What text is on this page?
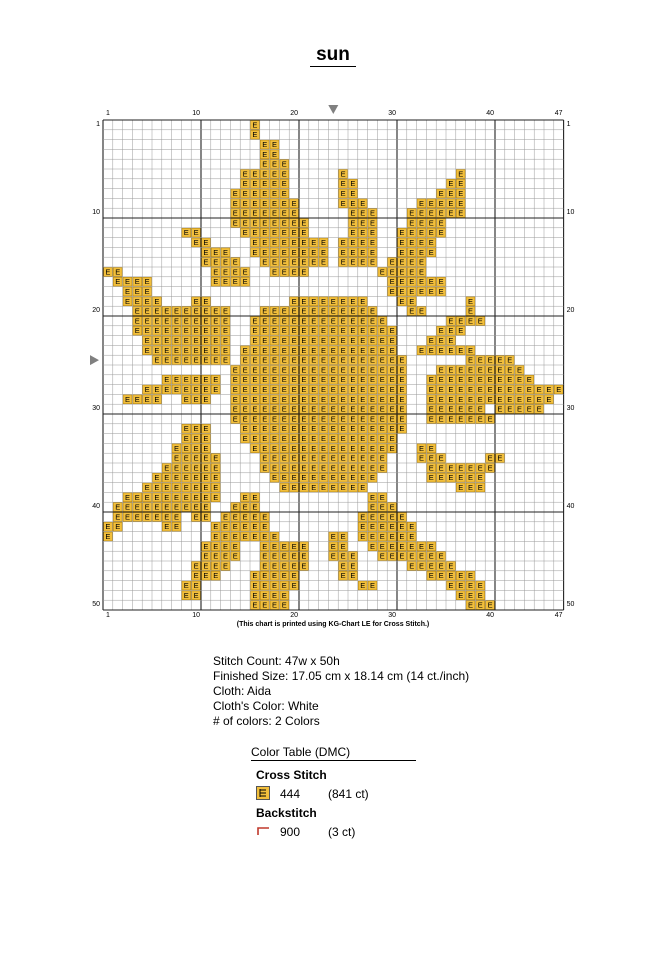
sun
E
E
E E
E E
E E E
E E E E E	E	E
E E E E E	E E	E E
E E E E E E	E E	E E E
E E E E E E E	E E E	E E E E E
E E E E E E E	E E E	E E E E E E
E E E E E E E E	E E E	E E E E
E E	E E E E E E E	E E E	E E E E E
E E	E E E E E E E E E E E E	E E E E
E E E	E E E E E E E E E E E E	E E E E
E E E E	E E E E E E E E E E E E E E E
E E	E E E E	E E E E	E E E E E
E E E E	E E E E	E E E E E E
E E E	E E E E E E
E E E E	E E	E E E E E E E E	E E	E
E E E E E E E E E E	E E E E E E E E E E E E	E E	E
E E E E E E E E E E	E E E E E E E E E E E E E E	E E E E
E E E E E E E E E E	E E E E E E E E E E E E E E E	E E E
E E E E E E E E E	E E E E E E E E E E E E E E E	E E E
E E E E E E E E E E E E E E E E E E E E E E E E E	E E E E E E
E E E E E E E E E E E E E E E E E E E E E E E E E	E E E E E
E E E E E E E E E E E E E E E E E E	E E E E E E E E E
E E E E E E E E E E E E E E E E E E E E E E E E	E E E E E E E E E E E
E E E E E E E E E E E E E E E E E E E E E E E E E E	E E E E E E E E E E E E E E
E E E E	E E E	E E E E E E E E E E E E E E E E E E	E E E E E E E E E E E E E
E E E E E E E E E E E E E E E E E E	E E E E E E E E E E E
E E E E E E E E E E E E E E E E E E	E E E E E E E
E E E	E E E E E E E E E E E E E E E E E
E E E	E E E E E E E E E E E E E E E E
E E E E	E E E E E E E E E E E E E E E	E E
E E E E E	E E E E E E E E E E E E E	E E E	E E
E E E E E E	E E E E E E E E E E E E E	E E E E E E E
E E E E E E E	E E E E E E E E E E E	E E E E E E
E E E E E E E E	E E E E E E E E E	E E E
E E E E E E E E E E	E E	E E
E E E E E E E E E E	E E E	E E E
E E E E E E E E E E E E E E	E E E E E
E E	E E	E E E E E E	E E E E E E
E	E E E E E E E	E E E E E E E E
E E E E	E E E E E	E E	E E E E E E E
E E E E	E E E E E	E E E	E E E E E E E
E E E E	E E E E E	E E	E E E E E
E E E	E E E E E	E E	E E E E E
E E	E E E E E	E E	E E E E
E E	E E E E	E E E
E E E E	E E E
1
1
10
10
20
20
30
30
40
40
47
47
1	1
10	10
20	20
30	30
40	40
50	50
(This chart is printed using KG-Chart LE for Cross Stitch.)
Stitch Count: 47w x 50h
Finished Size: 17.05 cm x 18.14 cm (14 ct./inch)
Cloth: Aida
Cloth's Color: White
# of colors: 2 Colors
Color Table (DMC)
Cross Stitch
444 (841 ct)
Backstitch
900 (3 ct)
